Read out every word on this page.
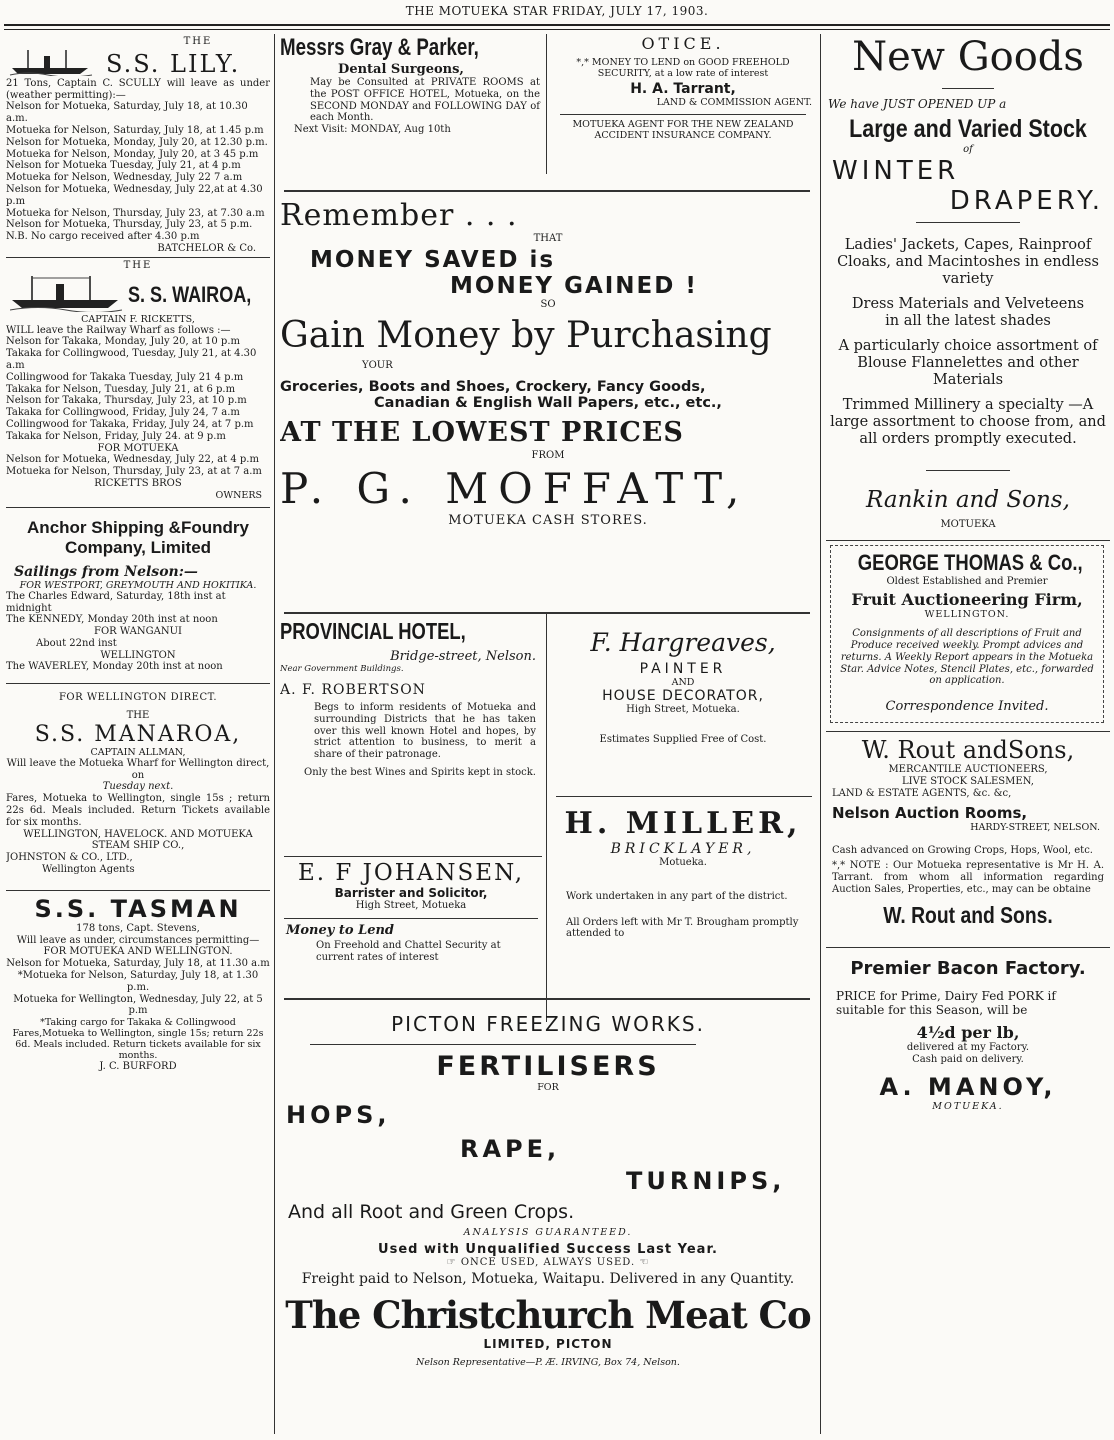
THE MOTUEKA STAR FRIDAY, JULY 17, 1903.
THE
S.S. LILY.
21 Tons, Captain C. SCULLY will leave as under (weather permitting):—
Nelson for Motueka, Saturday, July 18, at 10.30 a.m.
Motueka for Nelson, Saturday, July 18, at 1.45 p.m
Nelson for Motueka, Monday, July 20, at 12.30 p.m.
Motueka for Nelson, Monday, July 20, at 3 45 p.m
Nelson for Motueka Tuesday, July 21, at 4 p.m
Motueka for Nelson, Wednesday, July 22 7 a.m
Nelson for Motueka, Wednesday, July 22,at at 4.30 p.m
Motueka for Nelson, Thursday, July 23, at 7.30 a.m
Nelson for Motueka, Thursday, July 23, at 5 p.m.
N.B. No cargo received after 4.30 p.m
BATCHELOR & Co.
THE
S. S. WAIROA,
CAPTAIN F. RICKETTS,
WILL leave the Railway Wharf as follows :—
Nelson for Takaka, Monday, July 20, at 10 p.m
Takaka for Collingwood, Tuesday, July 21, at 4.30 a.m
Collingwood for Takaka Tuesday, July 21 4 p.m
Takaka for Nelson, Tuesday, July 21, at 6 p.m
Nelson for Takaka, Thursday, July 23, at 10 p.m
Takaka for Collingwood, Friday, July 24, 7 a.m
Collingwood for Takaka, Friday, July 24, at 7 p.m
Takaka for Nelson, Friday, July 24. at 9 p.m
FOR MOTUEKA
Nelson for Motueka, Wednesday, July 22, at 4 p.m
Motueka for Nelson, Thursday, July 23, at at 7 a.m
RICKETTS BROS
OWNERS
Anchor Shipping &Foundry
Company, Limited
Sailings from Nelson:—
FOR WESTPORT, GREYMOUTH AND HOKITIKA.
The Charles Edward, Saturday, 18th inst at midnight
The KENNEDY, Monday 20th inst at noon
FOR WANGANUI
About 22nd inst
WELLINGTON
The WAVERLEY, Monday 20th inst at noon
FOR WELLINGTON DIRECT.
THE
S.S. MANAROA,
CAPTAIN ALLMAN,
Will leave the Motueka Wharf for Wellington direct, on
Tuesday next.
Fares, Motueka to Wellington, single 15s ; return 22s 6d. Meals included. Return Tickets available for six months.
WELLINGTON, HAVELOCK. AND MOTUEKA STEAM SHIP CO.,
JOHNSTON & CO., LTD.,
Wellington Agents
S.S. TASMAN
178 tons, Capt. Stevens,
Will leave as under, circumstances permitting—
FOR MOTUEKA AND WELLINGTON.
Nelson for Motueka, Saturday, July 18, at 11.30 a.m
*Motueka for Nelson, Saturday, July 18, at 1.30 p.m.
Motueka for Wellington, Wednesday, July 22, at 5 p.m
*Taking cargo for Takaka & Collingwood Fares,Motueka to Wellington, single 15s; return 22s 6d. Meals included. Return tickets available for six months.
J. C. BURFORD
Messrs Gray & Parker,
Dental Surgeons,
May be Consulted at PRIVATE ROOMS at the POST OFFICE HOTEL, Motueka, on the SECOND MONDAY and FOLLOWING DAY of each Month.
Next Visit: MONDAY, Aug 10th
OTICE.
*,* MONEY TO LEND on GOOD FREEHOLD SECURITY, at a low rate of interest
H. A. Tarrant,
LAND & COMMISSION AGENT.
MOTUEKA AGENT FOR THE NEW ZEALAND ACCIDENT INSURANCE COMPANY.
Remember . . .
THAT
MONEY SAVED is
MONEY GAINED !
SO
Gain Money by Purchasing
YOUR
Groceries, Boots and Shoes, Crockery, Fancy Goods,
Canadian & English Wall Papers, etc., etc.,
AT THE LOWEST PRICES
FROM
P. G. MOFFATT,
MOTUEKA CASH STORES.
PROVINCIAL HOTEL,
Bridge-street, Nelson.
Near Government Buildings.
A. F. ROBERTSON
Begs to inform residents of Motueka and surrounding Districts that he has taken over this well known Hotel and hopes, by strict attention to business, to merit a share of their patronage.
Only the best Wines and Spirits kept in stock.
E. F JOHANSEN,
Barrister and Solicitor,
High Street, Motueka
Money to Lend
On Freehold and Chattel Security at current rates of interest
F. Hargreaves,
PAINTER
AND
HOUSE DECORATOR,
High Street, Motueka.
Estimates Supplied Free of Cost.
H. MILLER,
BRICKLAYER,
Motueka.
Work undertaken in any part of the district.
All Orders left with Mr T. Brougham promptly attended to
PICTON FREEZING WORKS.
FERTILISERS
FOR
HOPS,
RAPE,
TURNIPS,
And all Root and Green Crops.
ANALYSIS GUARANTEED.
Used with Unqualified Success Last Year.
☞ ONCE USED, ALWAYS USED. ☜
Freight paid to Nelson, Motueka, Waitapu. Delivered in any Quantity.
The Christchurch Meat Co
LIMITED, PICTON
Nelson Representative—P. Æ. IRVING, Box 74, Nelson.
New Goods
We have JUST OPENED UP a
Large and Varied Stock
of
WINTER
DRAPERY.
Ladies' Jackets, Capes, Rainproof Cloaks, and Macintoshes in endless variety
Dress Materials and Velveteens in all the latest shades
A particularly choice assortment of Blouse Flannelettes and other Materials
Trimmed Millinery a specialty —A large assortment to choose from, and all orders promptly executed.
Rankin and Sons,
MOTUEKA
GEORGE THOMAS & Co.,
Oldest Established and Premier
Fruit Auctioneering Firm,
WELLINGTON.
Consignments of all descriptions of Fruit and Produce received weekly. Prompt advices and returns. A Weekly Report appears in the Motueka Star. Advice Notes, Stencil Plates, etc., forwarded on application.
Correspondence Invited.
W. Rout andSons,
MERCANTILE AUCTIONEERS,
LIVE STOCK SALESMEN,
LAND & ESTATE AGENTS, &c. &c,
Nelson Auction Rooms,
HARDY-STREET, NELSON.
Cash advanced on Growing Crops, Hops, Wool, etc.
*,* NOTE : Our Motueka representative is Mr H. A. Tarrant. from whom all information regarding Auction Sales, Properties, etc., may can be obtaine
W. Rout and Sons.
Premier Bacon Factory.
PRICE for Prime, Dairy Fed PORK if suitable for this Season, will be
4½d per lb,
delivered at my Factory.
Cash paid on delivery.
A. MANOY,
MOTUEKA.
